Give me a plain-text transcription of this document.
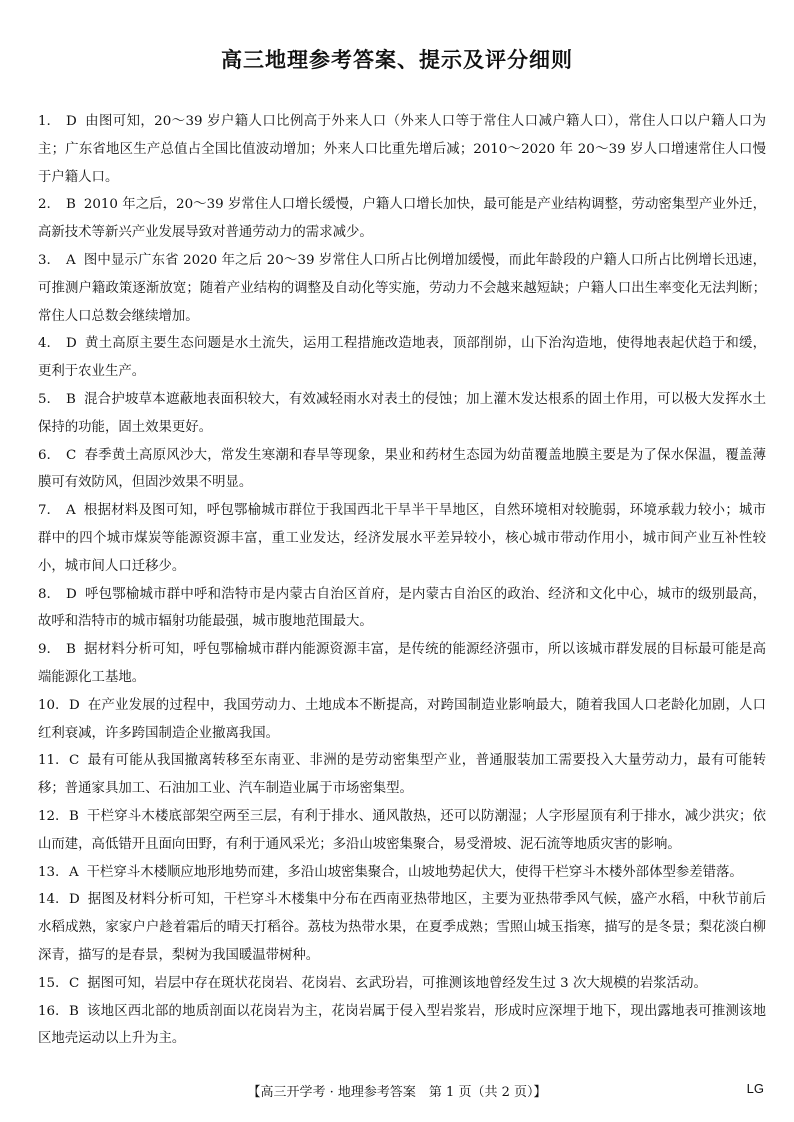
高三地理参考答案、提示及评分细则
1. D 由图可知，20～39 岁户籍人口比例高于外来人口（外来人口等于常住人口减户籍人口），常住人口以户籍人口为主；广东省地区生产总值占全国比值波动增加；外来人口比重先增后减；2010～2020 年 20～39 岁人口增速常住人口慢于户籍人口。
2. B 2010 年之后，20～39 岁常住人口增长缓慢，户籍人口增长加快，最可能是产业结构调整，劳动密集型产业外迁，高新技术等新兴产业发展导致对普通劳动力的需求减少。
3. A 图中显示广东省 2020 年之后 20～39 岁常住人口所占比例增加缓慢，而此年龄段的户籍人口所占比例增长迅速，可推测户籍政策逐渐放宽；随着产业结构的调整及自动化等实施，劳动力不会越来越短缺；户籍人口出生率变化无法判断；常住人口总数会继续增加。
4. D 黄土高原主要生态问题是水土流失，运用工程措施改造地表，顶部削峁，山下治沟造地，使得地表起伏趋于和缓，更利于农业生产。
5. B 混合护坡草本遮蔽地表面积较大，有效减轻雨水对表土的侵蚀；加上灌木发达根系的固土作用，可以极大发挥水土保持的功能，固土效果更好。
6. C 春季黄土高原风沙大，常发生寒潮和春旱等现象，果业和药材生态园为幼苗覆盖地膜主要是为了保水保温，覆盖薄膜可有效防风，但固沙效果不明显。
7. A 根据材料及图可知，呼包鄂榆城市群位于我国西北干旱半干旱地区，自然环境相对较脆弱，环境承载力较小；城市群中的四个城市煤炭等能源资源丰富，重工业发达，经济发展水平差异较小，核心城市带动作用小，城市间产业互补性较小，城市间人口迁移少。
8. D 呼包鄂榆城市群中呼和浩特市是内蒙古自治区首府，是内蒙古自治区的政治、经济和文化中心，城市的级别最高，故呼和浩特市的城市辐射功能最强，城市腹地范围最大。
9. B 据材料分析可知，呼包鄂榆城市群内能源资源丰富，是传统的能源经济强市，所以该城市群发展的目标最可能是高端能源化工基地。
10. D 在产业发展的过程中，我国劳动力、土地成本不断提高，对跨国制造业影响最大，随着我国人口老龄化加剧，人口红利衰减，许多跨国制造企业撤离我国。
11. C 最有可能从我国撤离转移至东南亚、非洲的是劳动密集型产业，普通服装加工需要投入大量劳动力，最有可能转移；普通家具加工、石油加工业、汽车制造业属于市场密集型。
12. B 干栏穿斗木楼底部架空两至三层，有利于排水、通风散热，还可以防潮湿；人字形屋顶有利于排水，减少洪灾；依山而建，高低错开且面向田野，有利于通风采光；多沿山坡密集聚合，易受滑坡、泥石流等地质灾害的影响。
13. A 干栏穿斗木楼顺应地形地势而建，多沿山坡密集聚合，山坡地势起伏大，使得干栏穿斗木楼外部体型参差错落。
14. D 据图及材料分析可知，干栏穿斗木楼集中分布在西南亚热带地区，主要为亚热带季风气候，盛产水稻，中秋节前后水稻成熟，家家户户趁着霜后的晴天打稻谷。荔枝为热带水果，在夏季成熟；雪照山城玉指寒，描写的是冬景；梨花淡白柳深青，描写的是春景，梨树为我国暖温带树种。
15. C 据图可知，岩层中存在斑状花岗岩、花岗岩、玄武玢岩，可推测该地曾经发生过 3 次大规模的岩浆活动。
16. B 该地区西北部的地质剖面以花岗岩为主，花岗岩属于侵入型岩浆岩，形成时应深埋于地下，现出露地表可推测该地区地壳运动以上升为主。
【高三开学考 · 地理参考答案　第 1 页（共 2 页）】	LG
